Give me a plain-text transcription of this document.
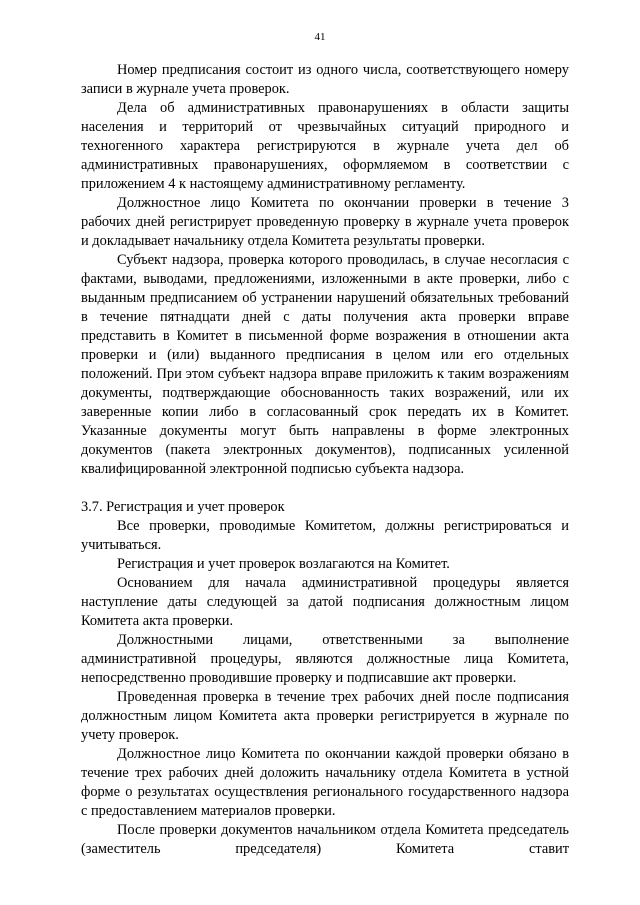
41

Номер предписания состоит из одного числа, соответствующего номеру записи в журнале учета проверок.

Дела об административных правонарушениях в области защиты населения и территорий от чрезвычайных ситуаций природного и техногенного характера регистрируются в журнале учета дел об административных правонарушениях, оформляемом в соответствии с приложением 4 к настоящему административному регламенту.

Должностное лицо Комитета по окончании проверки в течение 3 рабочих дней регистрирует проведенную проверку в журнале учета проверок и докладывает начальнику отдела Комитета результаты проверки.

Субъект надзора, проверка которого проводилась, в случае несогласия с фактами, выводами, предложениями, изложенными в акте проверки, либо с выданным предписанием об устранении нарушений обязательных требований в течение пятнадцати дней с даты получения акта проверки вправе представить в Комитет в письменной форме возражения в отношении акта проверки и (или) выданного предписания в целом или его отдельных положений. При этом субъект надзора вправе приложить к таким возражениям документы, подтверждающие обоснованность таких возражений, или их заверенные копии либо в согласованный срок передать их в Комитет. Указанные документы могут быть направлены в форме электронных документов (пакета электронных документов), подписанных усиленной квалифицированной электронной подписью субъекта надзора.

3.7. Регистрация и учет проверок

Все проверки, проводимые Комитетом, должны регистрироваться и учитываться.

Регистрация и учет проверок возлагаются на Комитет.

Основанием для начала административной процедуры является наступление даты следующей за датой подписания должностным лицом Комитета акта проверки.

Должностными лицами, ответственными за выполнение административной процедуры, являются должностные лица Комитета, непосредственно проводившие проверку и подписавшие акт проверки.

Проведенная проверка в течение трех рабочих дней после подписания должностным лицом Комитета акта проверки регистрируется в журнале по учету проверок.

Должностное лицо Комитета по окончании каждой проверки обязано в течение трех рабочих дней доложить начальнику отдела Комитета в устной форме о результатах осуществления регионального государственного надзора с предоставлением материалов проверки.

После проверки документов начальником отдела Комитета председатель (заместитель председателя) Комитета ставит
